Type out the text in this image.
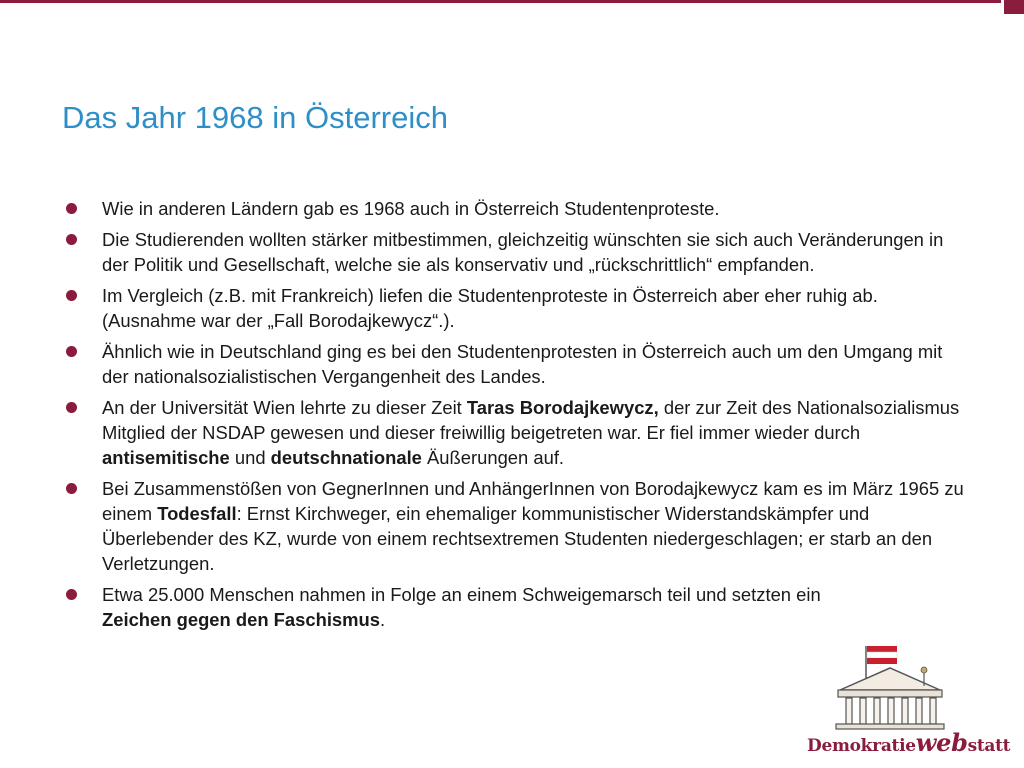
Das Jahr 1968 in Österreich
Wie in anderen Ländern gab es 1968 auch in Österreich Studentenproteste.
Die Studierenden wollten stärker mitbestimmen, gleichzeitig wünschten sie sich auch Veränderungen in der Politik und Gesellschaft, welche sie als konservativ und „rückschrittlich“ empfanden.
Im Vergleich (z.B. mit Frankreich) liefen die Studentenproteste in Österreich aber eher ruhig ab. (Ausnahme war der „Fall Borodajkewycz“.).
Ähnlich wie in Deutschland ging es bei den Studentenprotesten in Österreich auch um den Umgang mit der nationalsozialistischen Vergangenheit des Landes.
An der Universität Wien lehrte zu dieser Zeit Taras Borodajkewycz, der zur Zeit des Nationalsozialismus Mitglied der NSDAP gewesen und dieser freiwillig beigetreten war. Er fiel immer wieder durch antisemitische und deutschnationale Äußerungen auf.
Bei Zusammenstößen von GegnerInnen und AnhängerInnen von Borodajkewycz kam es im März 1965 zu einem Todesfall: Ernst Kirchweger, ein ehemaliger kommunistischer Widerstandskämpfer und Überlebender des KZ, wurde von einem rechtsextremen Studenten niedergeschlagen; er starb an den Verletzungen.
Etwa 25.000 Menschen nahmen in Folge an einem Schweigemarsch teil und setzten ein Zeichen gegen den Faschismus.
Demokratiewebstatt
